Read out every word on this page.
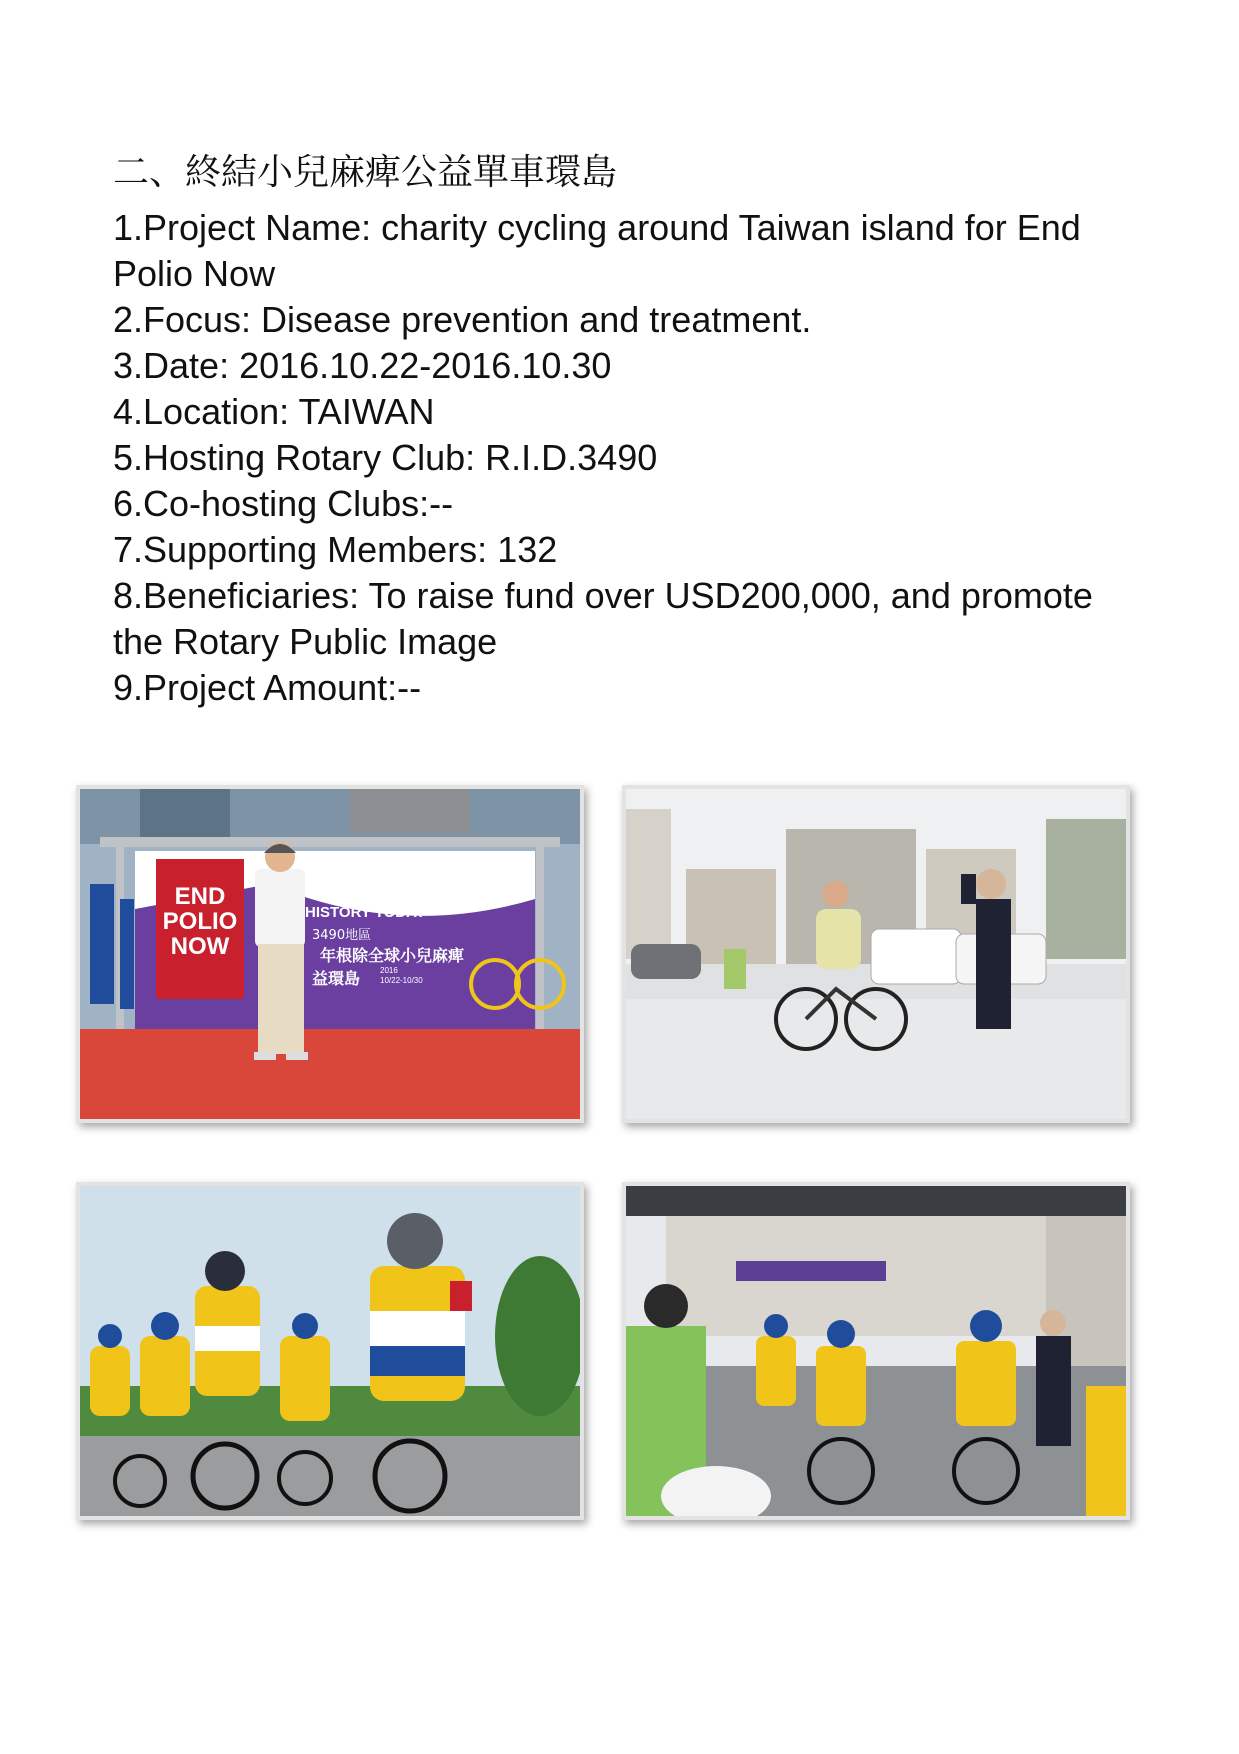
二、終結小兒麻痺公益單車環島
1.Project Name: charity cycling around Taiwan island for End Polio Now
2.Focus: Disease prevention and treatment.
3.Date: 2016.10.22-2016.10.30
4.Location: TAIWAN
5.Hosting Rotary Club: R.I.D.3490
6.Co-hosting Clubs:--
7.Supporting Members: 132
8.Beneficiaries: To raise fund over USD200,000, and promote the Rotary Public Image
9.Project Amount:--
END
POLIO
NOW
HISTORY TODAY
3490地區
年根除全球小兒麻痺
益環島 2016
10/22-10/30
